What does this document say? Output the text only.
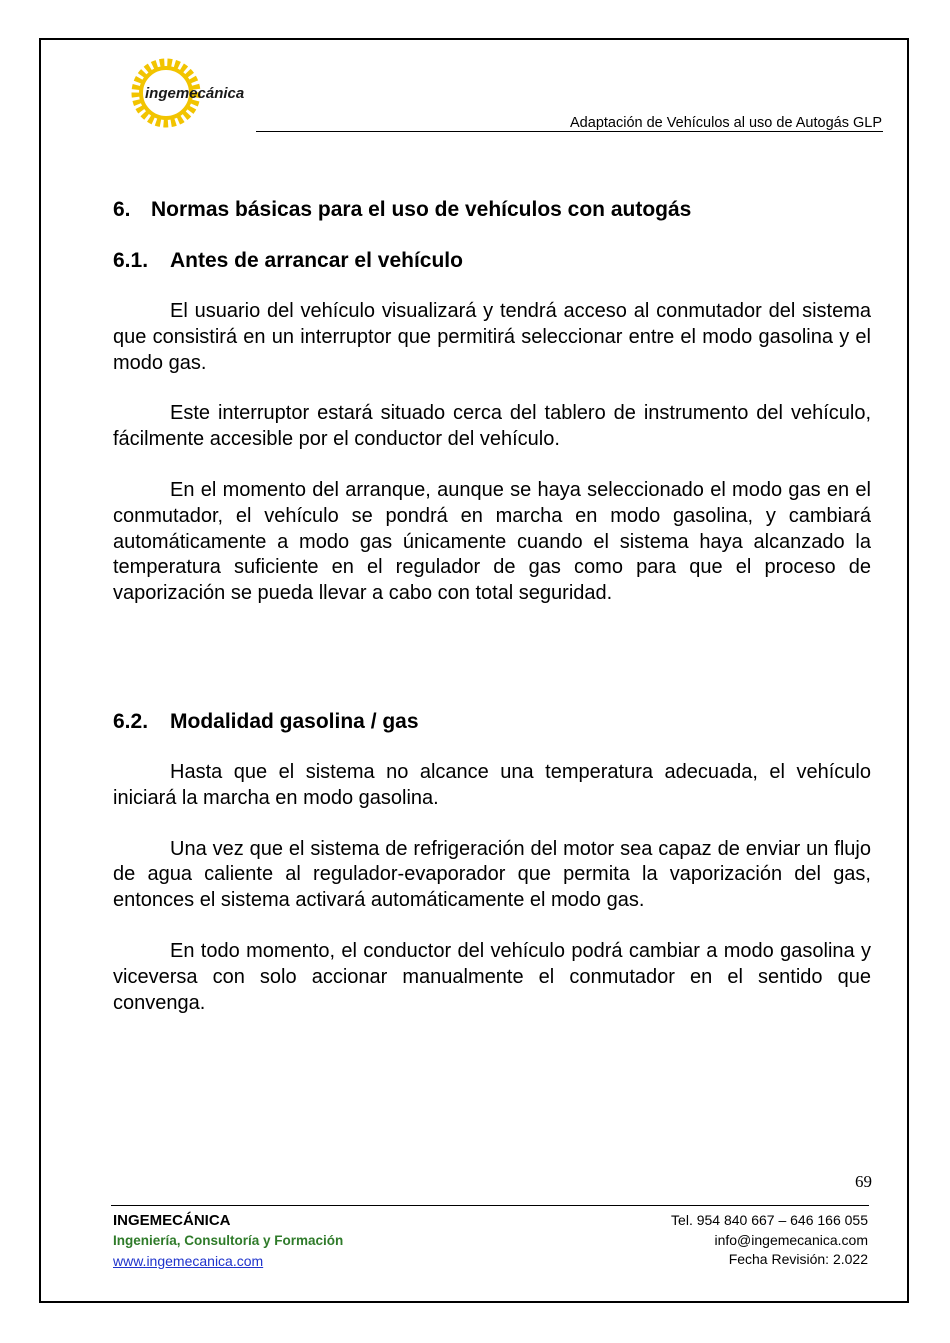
ingemecánica
Adaptación de Vehículos al uso de Autogás GLP
6. Normas básicas para el uso de vehículos con autogás
6.1. Antes de arrancar el vehículo

El usuario del vehículo visualizará y tendrá acceso al conmutador del sistema que consistirá en un interruptor que permitirá seleccionar entre el modo gasolina y el modo gas.

Este interruptor estará situado cerca del tablero de instrumento del vehículo, fácilmente accesible por el conductor del vehículo.

En el momento del arranque, aunque se haya seleccionado el modo gas en el conmutador, el vehículo se pondrá en marcha en modo gasolina, y cambiará automáticamente a modo gas únicamente cuando el sistema haya alcanzado la temperatura suficiente en el regulador de gas como para que el proceso de vaporización se pueda llevar a cabo con total seguridad.

6.2. Modalidad gasolina / gas

Hasta que el sistema no alcance una temperatura adecuada, el vehículo iniciará la marcha en modo gasolina.

Una vez que el sistema de refrigeración del motor sea capaz de enviar un flujo de agua caliente al regulador-evaporador que permita la vaporización del gas, entonces el sistema activará automáticamente el modo gas.

En todo momento, el conductor del vehículo podrá cambiar a modo gasolina y viceversa con solo accionar manualmente el conmutador en el sentido que convenga.

69
INGEMECÁNICA
Ingeniería, Consultoría y Formación
www.ingemecanica.com
Tel. 954 840 667 – 646 166 055
info@ingemecanica.com
Fecha Revisión: 2.022
